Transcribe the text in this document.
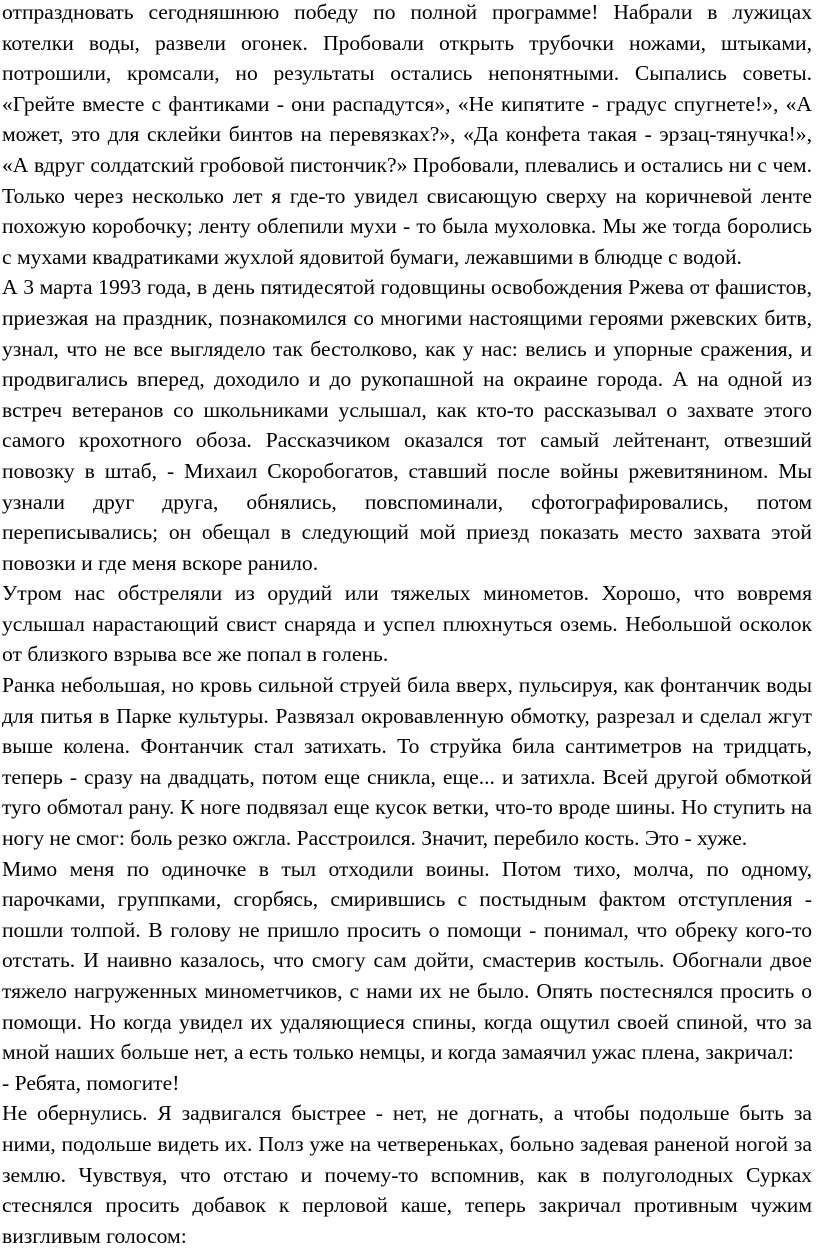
отпраздновать сегодняшнюю победу по полной программе! Набрали в лужицах котелки воды, развели огонек. Пробовали открыть трубочки ножами, штыками, потрошили, кромсали, но результаты остались непонятными. Сыпались советы. «Грейте вместе с фантиками - они распадутся», «Не кипятите - градус спугнете!», «А может, это для склейки бинтов на перевязках?», «Да конфета такая - эрзац-тянучка!», «А вдруг солдатский гробовой пистончик?» Пробовали, плевались и остались ни с чем. Только через несколько лет я где-то увидел свисающую сверху на коричневой ленте похожую коробочку; ленту облепили мухи - то была мухоловка. Мы же тогда боролись с мухами квадратиками жухлой ядовитой бумаги, лежавшими в блюдце с водой.

А 3 марта 1993 года, в день пятидесятой годовщины освобождения Ржева от фашистов, приезжая на праздник, познакомился со многими настоящими героями ржевских битв, узнал, что не все выглядело так бестолково, как у нас: велись и упорные сражения, и продвигались вперед, доходило и до рукопашной на окраине города. А на одной из встреч ветеранов со школьниками услышал, как кто-то рассказывал о захвате этого самого крохотного обоза. Рассказчиком оказался тот самый лейтенант, отвезший повозку в штаб, - Михаил Скоробогатов, ставший после войны ржевитянином. Мы узнали друг друга, обнялись, повспоминали, сфотографировались, потом переписывались; он обещал в следующий мой приезд показать место захвата этой повозки и где меня вскоре ранило.

Утром нас обстреляли из орудий или тяжелых минометов. Хорошо, что вовремя услышал нарастающий свист снаряда и успел плюхнуться оземь. Небольшой осколок от близкого взрыва все же попал в голень.

Ранка небольшая, но кровь сильной струей била вверх, пульсируя, как фонтанчик воды для питья в Парке культуры. Развязал окровавленную обмотку, разрезал и сделал жгут выше колена. Фонтанчик стал затихать. То струйка била сантиметров на тридцать, теперь - сразу на двадцать, потом еще сникла, еще... и затихла. Всей другой обмоткой туго обмотал рану. К ноге подвязал еще кусок ветки, что-то вроде шины. Но ступить на ногу не смог: боль резко ожгла. Расстроился. Значит, перебило кость. Это - хуже.

Мимо меня по одиночке в тыл отходили воины. Потом тихо, молча, по одному, парочками, группками, сгорбясь, смирившись с постыдным фактом отступления - пошли толпой. В голову не пришло просить о помощи - понимал, что обреку кого-то отстать. И наивно казалось, что смогу сам дойти, смастерив костыль. Обогнали двое тяжело нагруженных минометчиков, с нами их не было. Опять постеснялся просить о помощи. Но когда увидел их удаляющиеся спины, когда ощутил своей спиной, что за мной наших больше нет, а есть только немцы, и когда замаячил ужас плена, закричал:

- Ребята, помогите!

Не обернулись. Я задвигался быстрее - нет, не догнать, а чтобы подольше быть за ними, подольше видеть их. Полз уже на четвереньках, больно задевая раненой ногой за землю. Чувствуя, что отстаю и почему-то вспомнив, как в полуголодных Сурках стеснялся просить добавок к перловой каше, теперь закричал противным чужим визгливым голосом:
